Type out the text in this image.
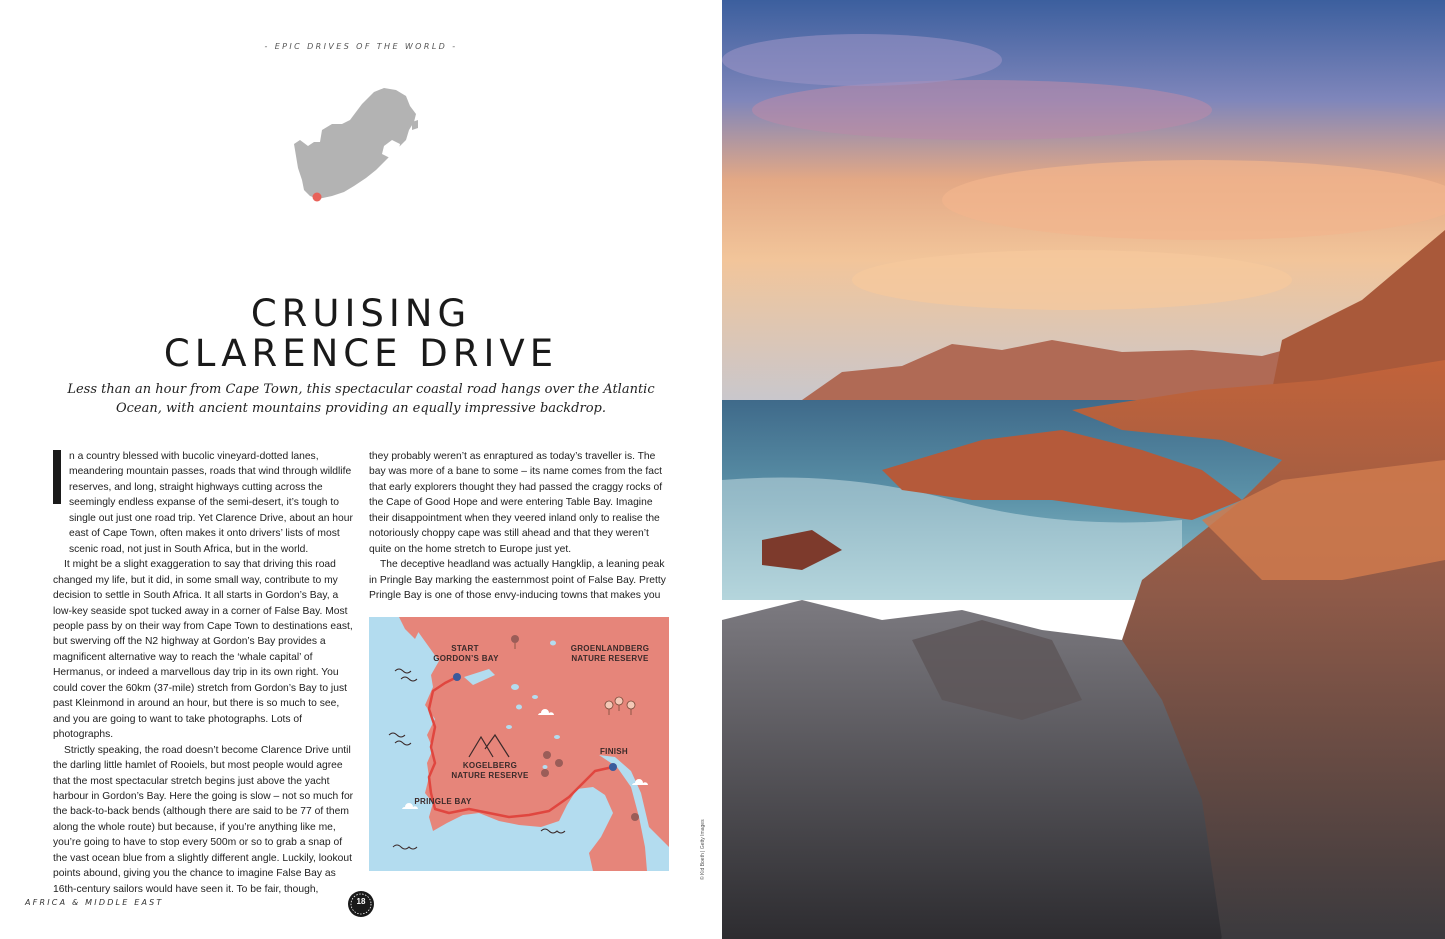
- EPIC DRIVES OF THE WORLD -
CRUISING
CLARENCE DRIVE
Less than an hour from Cape Town, this spectacular coastal road hangs over the Atlantic Ocean, with ancient mountains providing an equally impressive backdrop.

n a country blessed with bucolic vineyard-dotted lanes, meandering mountain passes, roads that wind through wildlife reserves, and long, straight highways cutting across the seemingly endless expanse of the semi-desert, it’s tough to single out just one road trip. Yet Clarence Drive, about an hour east of Cape Town, often makes it onto drivers’ lists of most scenic road, not just in South Africa, but in the world.

It might be a slight exaggeration to say that driving this road changed my life, but it did, in some small way, contribute to my decision to settle in South Africa. It all starts in Gordon’s Bay, a low-key seaside spot tucked away in a corner of False Bay. Most people pass by on their way from Cape Town to destinations east, but swerving off the N2 highway at Gordon’s Bay provides a magnificent alternative way to reach the ‘whale capital’ of Hermanus, or indeed a marvellous day trip in its own right. You could cover the 60km (37-mile) stretch from Gordon’s Bay to just past Kleinmond in around an hour, but there is so much to see, and you are going to want to take photographs. Lots of photographs.

Strictly speaking, the road doesn’t become Clarence Drive until the darling little hamlet of Rooiels, but most people would agree that the most spectacular stretch begins just above the yacht harbour in Gordon’s Bay. Here the going is slow – not so much for the back-to-back bends (although there are said to be 77 of them along the whole route) but because, if you’re anything like me, you’re going to have to stop every 500m or so to grab a snap of the vast ocean blue from a slightly different angle. Luckily, lookout points abound, giving you the chance to imagine False Bay as 16th-century sailors would have seen it. To be fair, though,

they probably weren’t as enraptured as today’s traveller is. The bay was more of a bane to some – its name comes from the fact that early explorers thought they had passed the craggy rocks of the Cape of Good Hope and were entering Table Bay. Imagine their disappointment when they veered inland only to realise the notoriously choppy cape was still ahead and that they weren’t quite on the home stretch to Europe just yet.

The deceptive headland was actually Hangklip, a leaning peak in Pringle Bay marking the easternmost point of False Bay. Pretty Pringle Bay is one of those envy-inducing towns that makes you

START
GORDON’S BAY
GROENLANDBERG
NATURE RESERVE
KOGELBERG
NATURE RESERVE
FINISH
PRINGLE BAY
AFRICA & MIDDLE EAST	18
© Kid Boeth | Getty Images
